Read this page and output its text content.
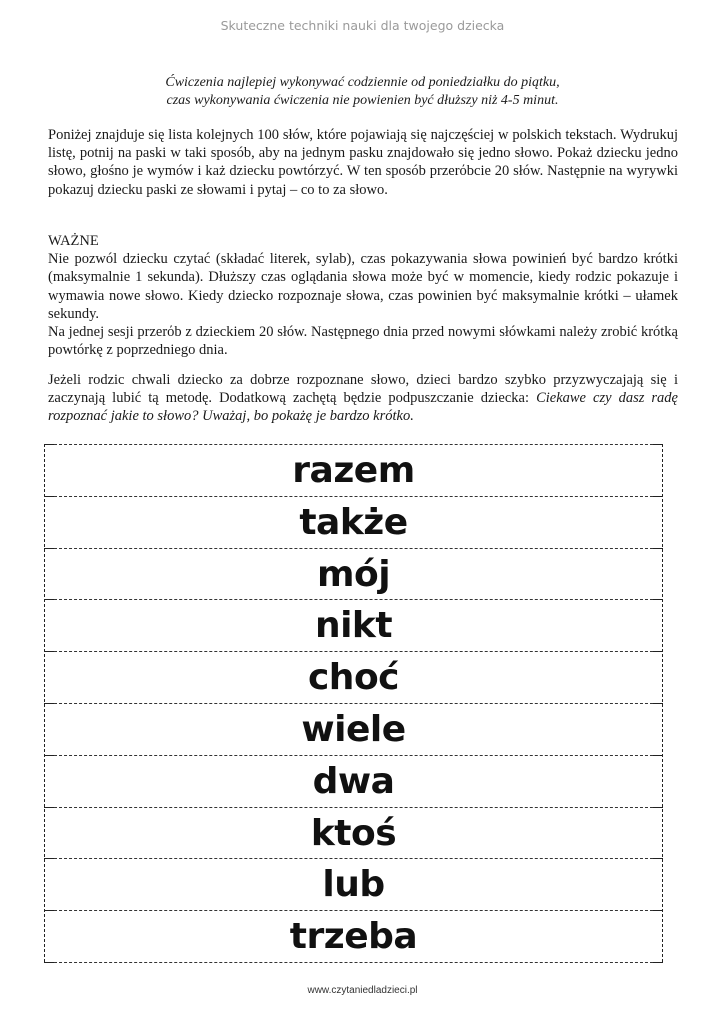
Skuteczne techniki nauki dla twojego dziecka
Ćwiczenia najlepiej wykonywać codziennie od poniedziałku do piątku,
czas wykonywania ćwiczenia nie powienien być dłuższy niż 4-5 minut.

Poniżej znajduje się lista kolejnych 100 słów, które pojawiają się najczęściej w polskich tekstach. Wydrukuj listę, potnij na paski w taki sposób, aby na jednym pasku znajdowało się jedno słowo. Pokaż dziecku jedno słowo, głośno je wymów i każ dziecku powtórzyć. W ten sposób przerόbcie 20 słów. Następnie na wyrywki pokazuj dziecku paski ze słowami i pytaj – co to za słowo.

WAŻNE

Nie pozwól dziecku czytać (składać literek, sylab), czas pokazywania słowa powinień być bardzo krótki (maksymalnie 1 sekunda). Dłuższy czas oglądania słowa może być w momencie, kiedy rodzic pokazuje i wymawia nowe słowo. Kiedy dziecko rozpoznaje słowa, czas powinien być maksymalnie krótki – ułamek sekundy.

Na jednej sesji przerόb z dzieckiem 20 słów. Następnego dnia przed nowymi słówkami należy zrobić krótką powtórkę z poprzedniego dnia.

Jeżeli rodzic chwali dziecko za dobrze rozpoznane słowo, dzieci bardzo szybko przyzwyczajają się i zaczynają lubić tą metodę. Dodatkową zachętą będzie podpuszczanie dziecka: Ciekawe czy dasz radę rozpoznać jakie to słowo? Uważaj, bo pokażę je bardzo krótko.

razem
także
mój
nikt
choć
wiele
dwa
ktoś
lub
trzeba
www.czytaniedladzieci.pl
